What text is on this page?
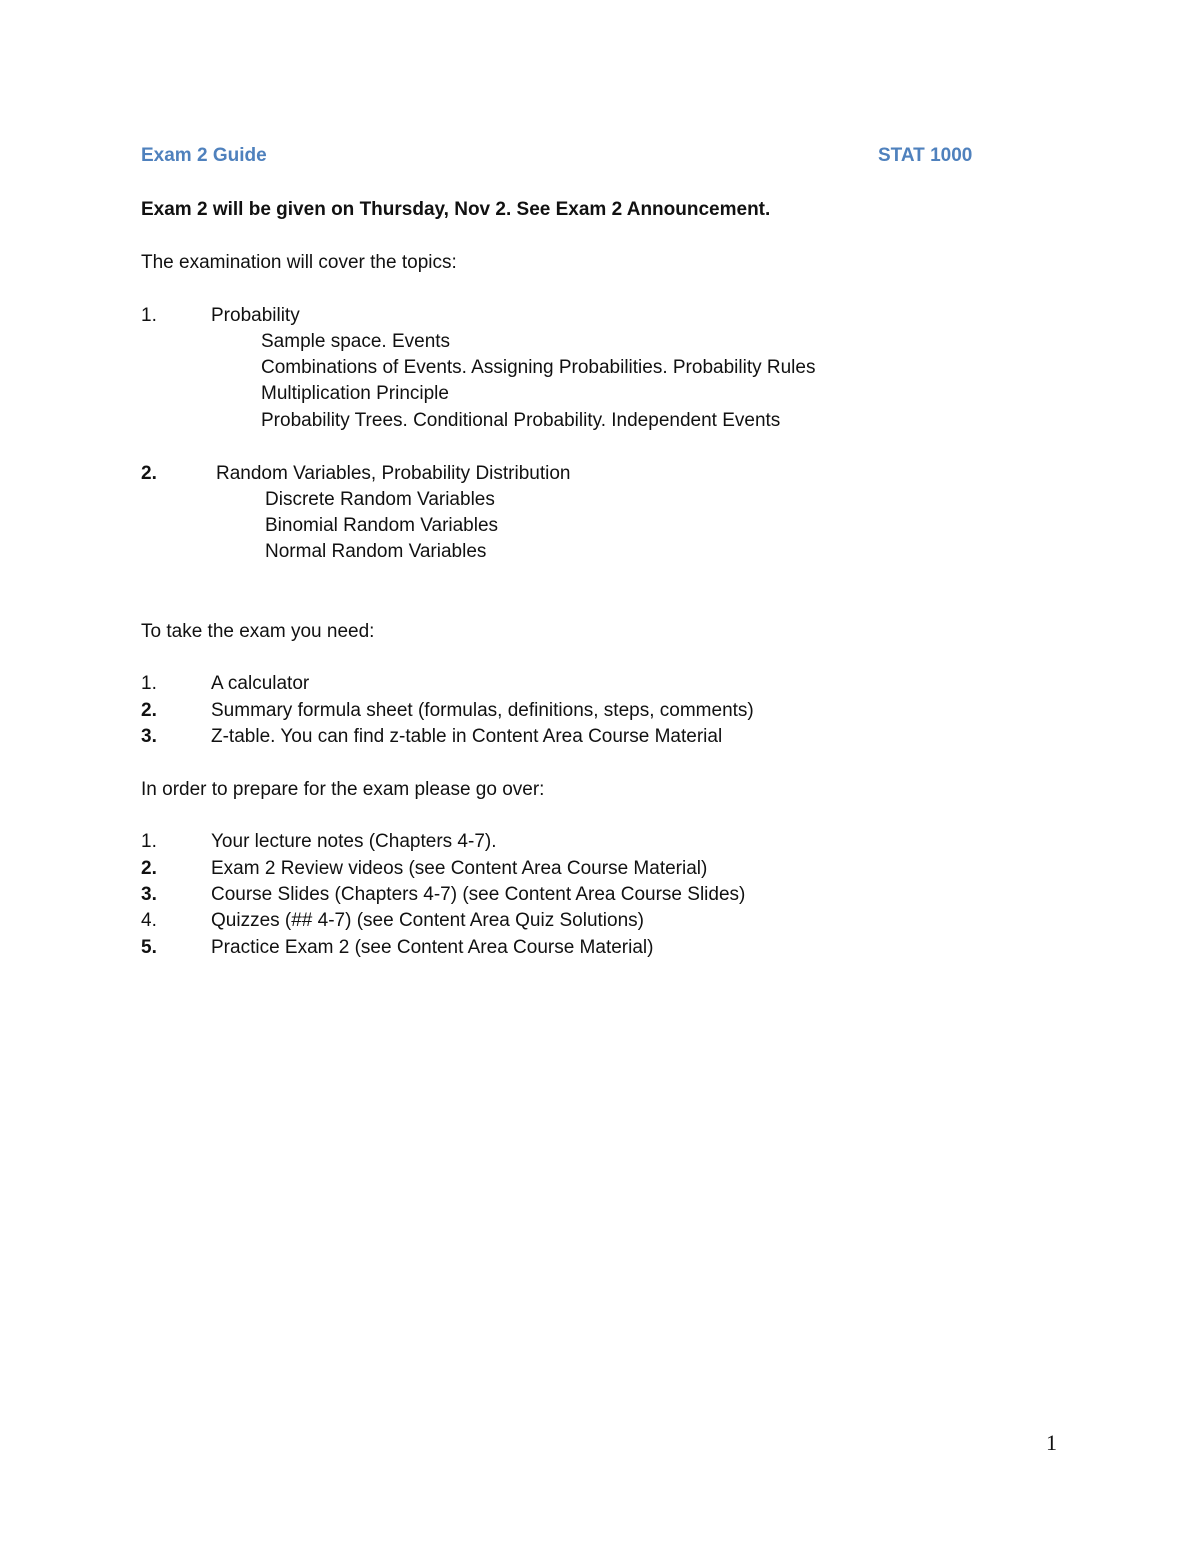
Exam 2 Guide	STAT 1000
Exam 2 will be given on Thursday, Nov 2. See Exam 2 Announcement.
The examination will cover the topics:
1.	Probability
Sample space. Events
Combinations of Events. Assigning Probabilities. Probability Rules
Multiplication Principle
Probability Trees. Conditional Probability. Independent Events
2.	Random Variables, Probability Distribution
Discrete Random Variables
Binomial Random Variables
Normal Random Variables
To take the exam you need:
1.	A calculator
2.	Summary formula sheet (formulas, definitions, steps, comments)
3.	Z-table. You can find z-table in Content Area Course Material
In order to prepare for the exam please go over:
1.	Your lecture notes (Chapters 4-7).
2.	Exam 2 Review videos (see Content Area Course Material)
3.	Course Slides (Chapters 4-7) (see Content Area Course Slides)
4.	Quizzes (## 4-7) (see Content Area Quiz Solutions)
5.	Practice Exam 2 (see Content Area Course Material)
1
